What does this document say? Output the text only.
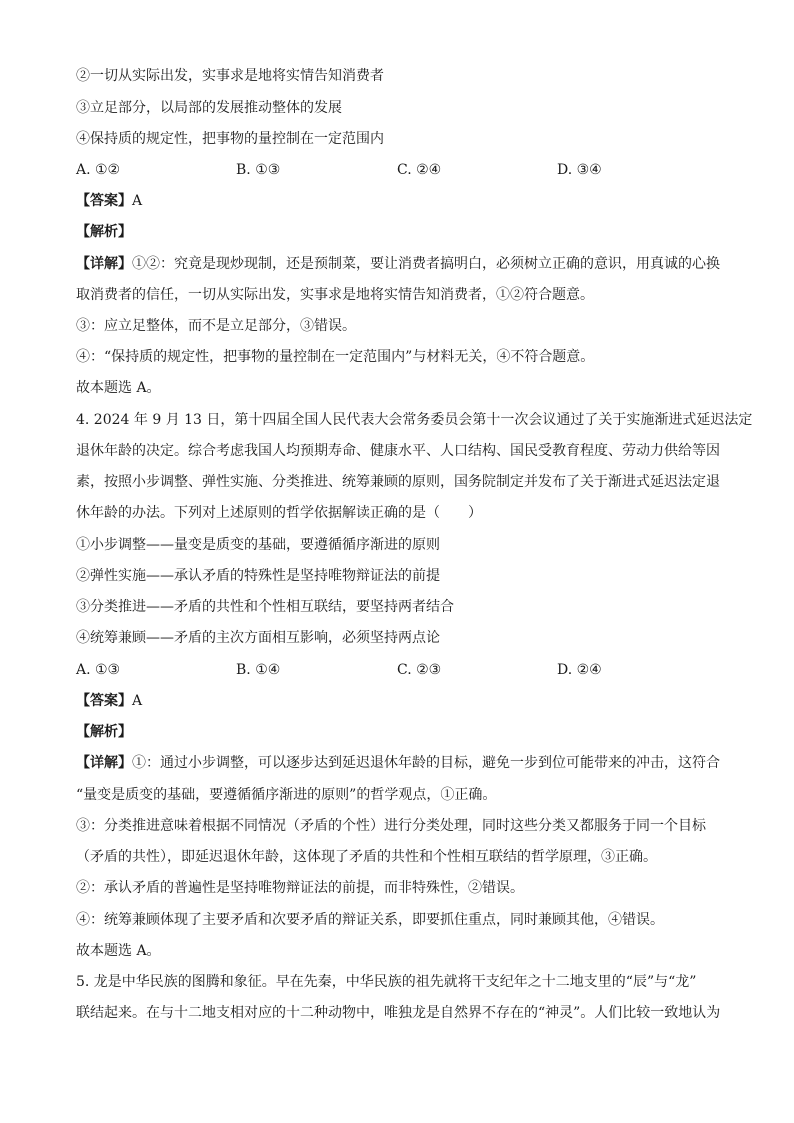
②一切从实际出发，实事求是地将实情告知消费者
③立足部分，以局部的发展推动整体的发展
④保持质的规定性，把事物的量控制在一定范围内
A. ①②	B. ①③	C. ②④	D. ③④
【答案】A
【解析】
【详解】①②：究竟是现炒现制，还是预制菜，要让消费者搞明白，必须树立正确的意识，用真诚的心换
取消费者的信任，一切从实际出发，实事求是地将实情告知消费者，①②符合题意。
③：应立足整体，而不是立足部分，③错误。
④：“保持质的规定性，把事物的量控制在一定范围内”与材料无关，④不符合题意。
故本题选 A。
4. 2024 年 9 月 13 日，第十四届全国人民代表大会常务委员会第十一次会议通过了关于实施渐进式延迟法定
退休年龄的决定。综合考虑我国人均预期寿命、健康水平、人口结构、国民受教育程度、劳动力供给等因
素，按照小步调整、弹性实施、分类推进、统筹兼顾的原则，国务院制定并发布了关于渐进式延迟法定退
休年龄的办法。下列对上述原则的哲学依据解读正确的是（　　）
①小步调整——量变是质变的基础，要遵循循序渐进的原则
②弹性实施——承认矛盾的特殊性是坚持唯物辩证法的前提
③分类推进——矛盾的共性和个性相互联结，要坚持两者结合
④统筹兼顾——矛盾的主次方面相互影响，必须坚持两点论
A. ①③	B. ①④	C. ②③	D. ②④
【答案】A
【解析】
【详解】①：通过小步调整，可以逐步达到延迟退休年龄的目标，避免一步到位可能带来的冲击，这符合
“量变是质变的基础，要遵循循序渐进的原则”的哲学观点，①正确。
③：分类推进意味着根据不同情况（矛盾的个性）进行分类处理，同时这些分类又都服务于同一个目标
（矛盾的共性），即延迟退休年龄，这体现了矛盾的共性和个性相互联结的哲学原理，③正确。
②：承认矛盾的普遍性是坚持唯物辩证法的前提，而非特殊性，②错误。
④：统筹兼顾体现了主要矛盾和次要矛盾的辩证关系，即要抓住重点，同时兼顾其他，④错误。
故本题选 A。
5. 龙是中华民族的图腾和象征。早在先秦，中华民族的祖先就将干支纪年之十二地支里的“辰”与“龙”
联结起来。在与十二地支相对应的十二种动物中，唯独龙是自然界不存在的“神灵”。人们比较一致地认为
